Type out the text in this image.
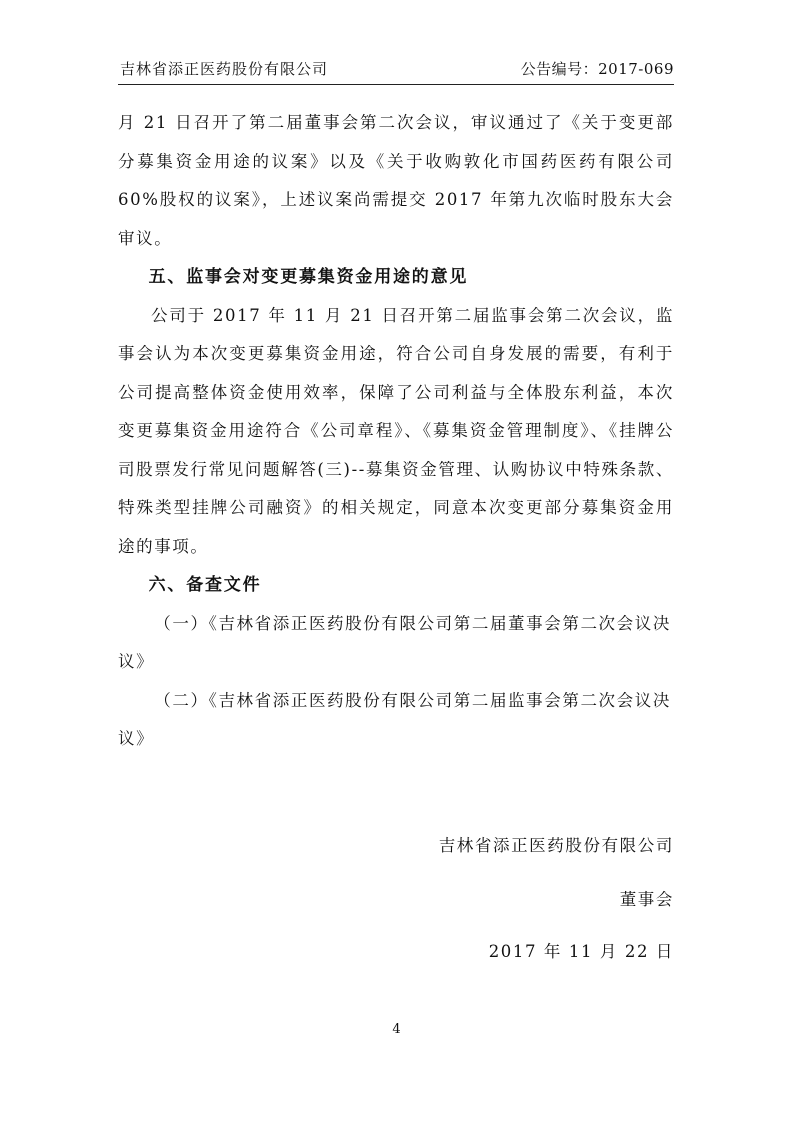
吉林省添正医药股份有限公司	公告编号：2017-069

月 21 日召开了第二届董事会第二次会议，审议通过了《关于变更部分募集资金用途的议案》以及《关于收购敦化市国药医药有限公司 60%股权的议案》，上述议案尚需提交 2017 年第九次临时股东大会审议。

五、监事会对变更募集资金用途的意见

公司于 2017 年 11 月 21 日召开第二届监事会第二次会议，监事会认为本次变更募集资金用途，符合公司自身发展的需要，有利于公司提高整体资金使用效率，保障了公司利益与全体股东利益，本次变更募集资金用途符合《公司章程》、《募集资金管理制度》、《挂牌公司股票发行常见问题解答(三)--募集资金管理、认购协议中特殊条款、特殊类型挂牌公司融资》的相关规定，同意本次变更部分募集资金用途的事项。

六、备查文件

（一）《吉林省添正医药股份有限公司第二届董事会第二次会议决议》

（二）《吉林省添正医药股份有限公司第二届监事会第二次会议决议》

吉林省添正医药股份有限公司
董事会
2017 年 11 月 22 日
4
